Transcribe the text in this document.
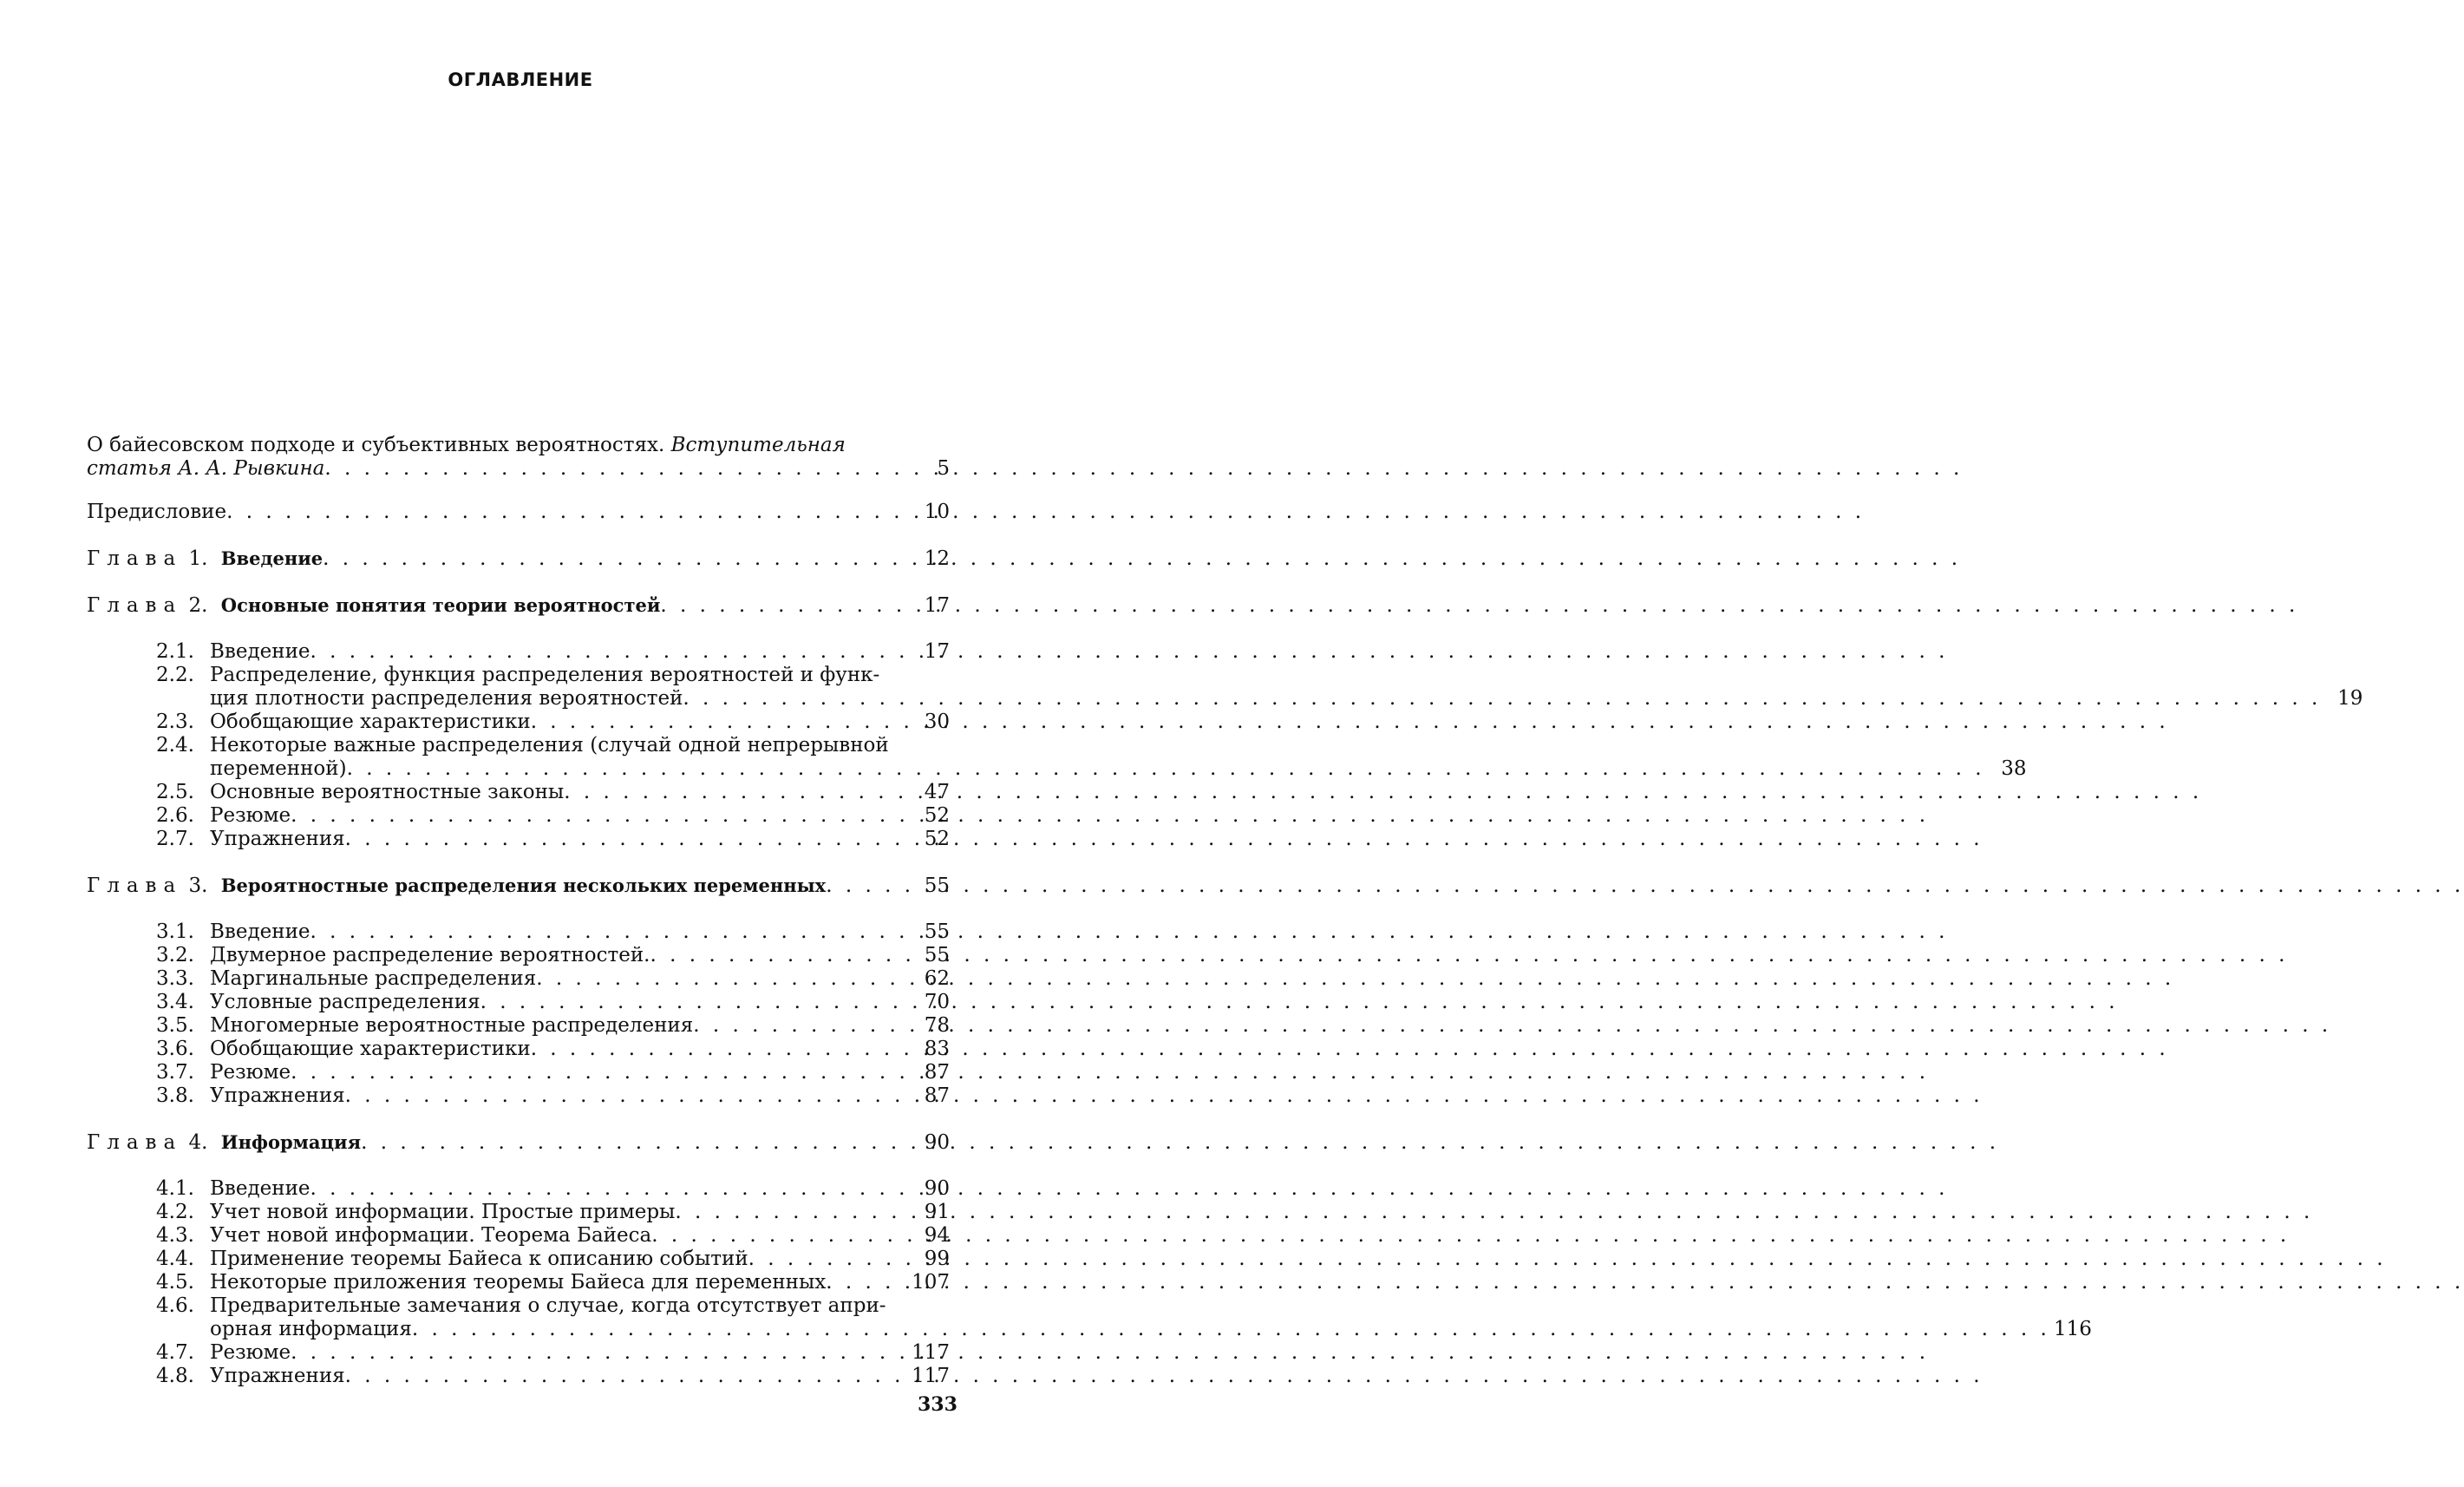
ОГЛАВЛЕНИЕ
О байесовском подходе и субъективных вероятностях. Вступительная
статья А. А. Рывкина . . .	5
Предисловие . . .	10
Глава 1. Введение . . .	12
Глава 2. Основные понятия теории вероятностей . . .	17
2.1. Введение . . .	17
2.2. Распределение, функция распределения вероятностей и функ-
ция плотности распределения вероятностей . . .	19
2.3. Обобщающие характеристики . . .	30
2.4. Некоторые важные распределения (случай одной непрерывной
переменной) . . .	38
2.5. Основные вероятностные законы . . .	47
2.6. Резюме . . .	52
2.7. Упражнения . . .	52
Глава 3. Вероятностные распределения нескольких переменных . . .	55
3.1. Введение . . .	55
3.2. Двумерное распределение вероятностей. . . .	55
3.3. Маргинальные распределения . . .	62
3.4. Условные распределения . . .	70
3.5. Многомерные вероятностные распределения . . .	78
3.6. Обобщающие характеристики . . .	83
3.7. Резюме . . .	87
3.8. Упражнения . . .	87
Глава 4. Информация . . .	90
4.1. Введение . . .	90
4.2. Учет новой информации. Простые примеры . . .	91
4.3. Учет новой информации. Теорема Байеса . . .	94
4.4. Применение теоремы Байеса к описанию событий . . .	99
4.5. Некоторые приложения теоремы Байеса для переменных . . .	107
4.6. Предварительные замечания о случае, когда отсутствует апри-
орная информация . . .	116
4.7. Резюме . . .	117
4.8. Упражнения . . .	117
333
